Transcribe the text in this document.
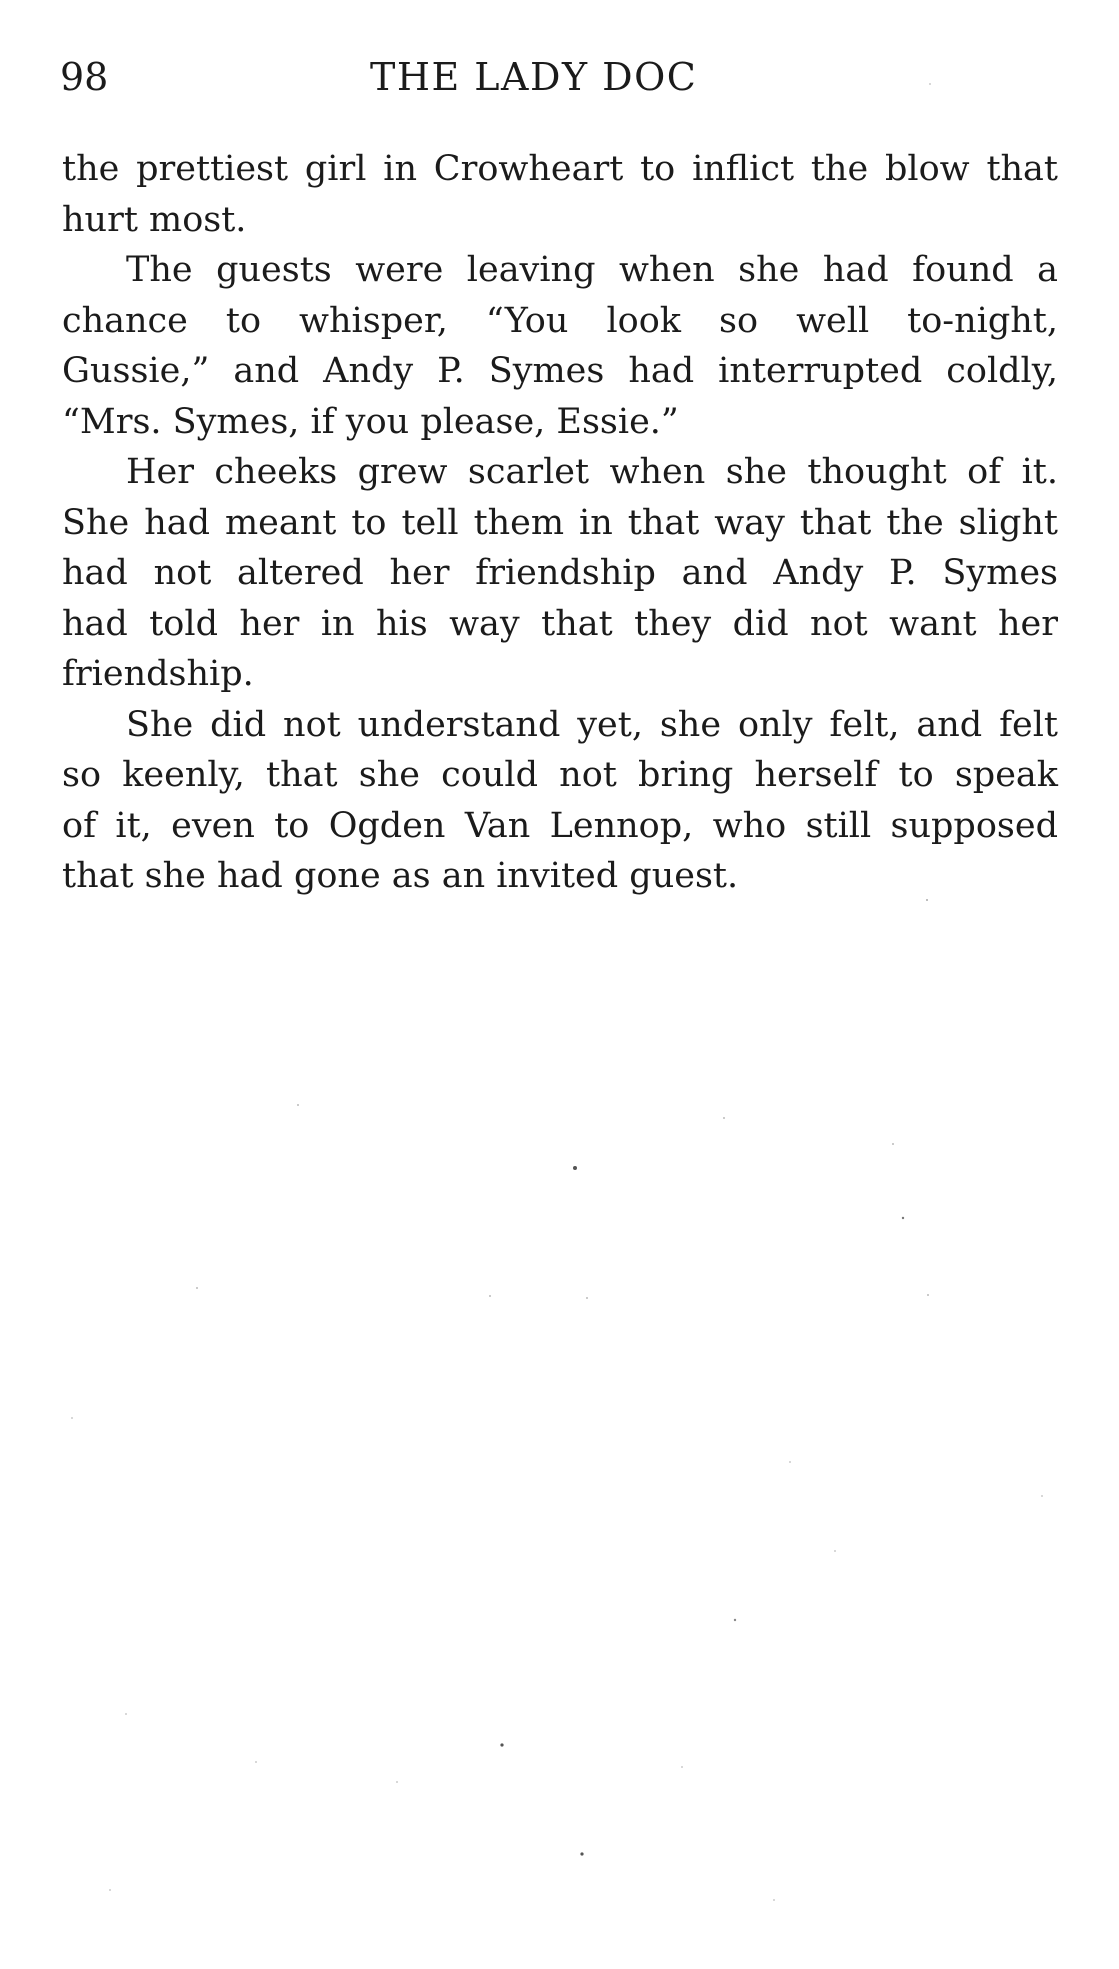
98	THE LADY DOC
the prettiest girl in Crowheart to inflict the blow that
hurt most.
The guests were leaving when she had found a
chance to whisper, “You look so well to-night,
Gussie,” and Andy P. Symes had interrupted coldly,
“Mrs. Symes, if you please, Essie.”
Her cheeks grew scarlet when she thought of it.
She had meant to tell them in that way that the slight
had not altered her friendship and Andy P. Symes
had told her in his way that they did not want her
friendship.
She did not understand yet, she only felt, and felt
so keenly, that she could not bring herself to speak
of it, even to Ogden Van Lennop, who still supposed
that she had gone as an invited guest.
